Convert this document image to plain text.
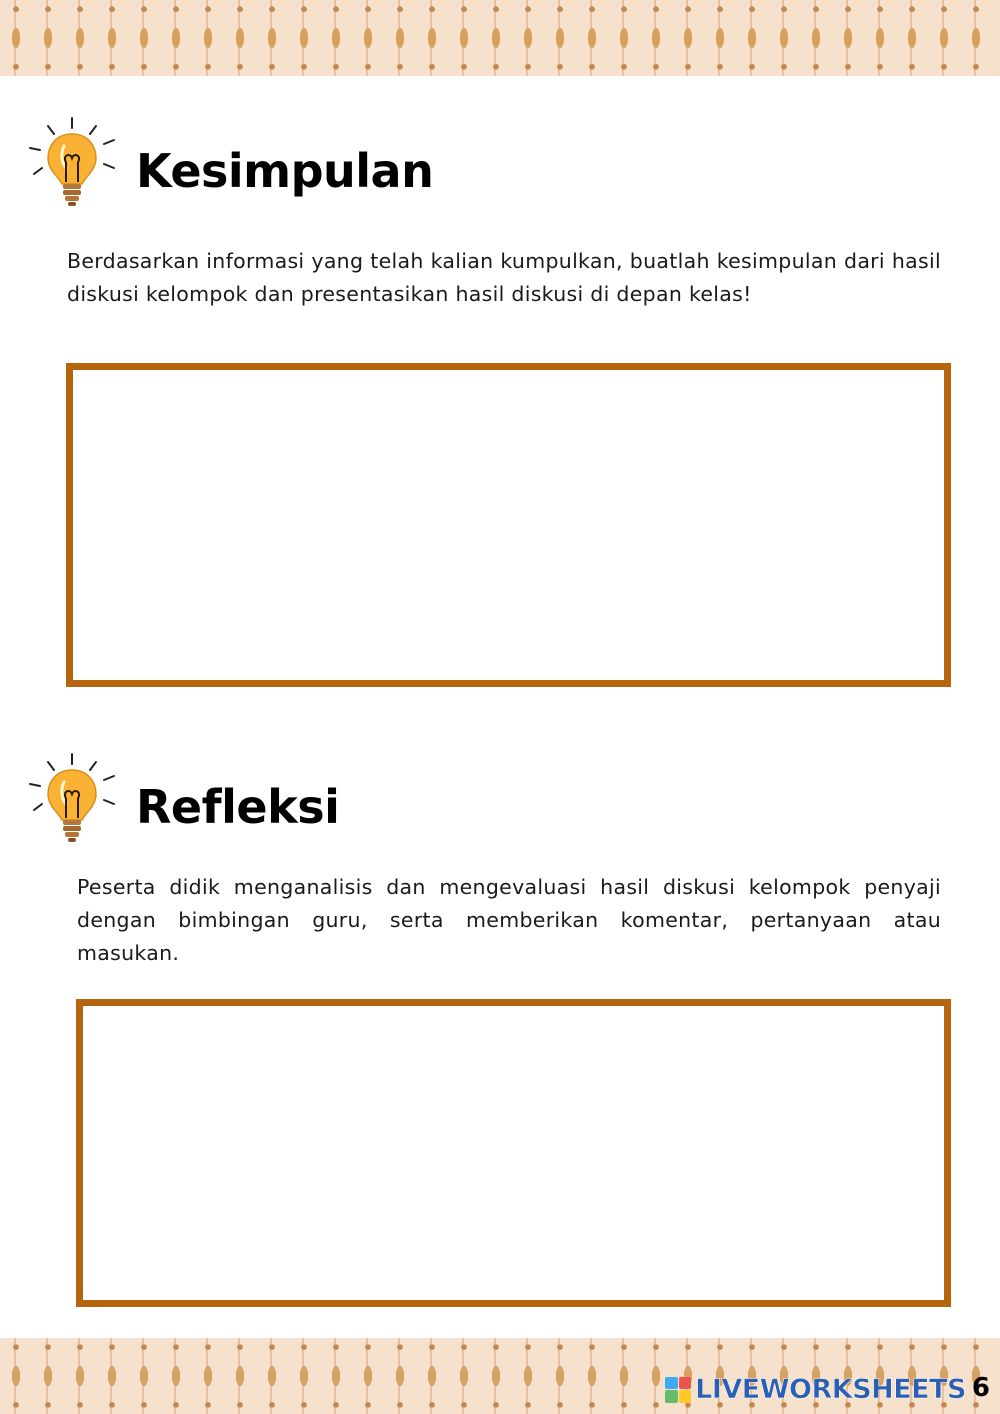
Kesimpulan

Berdasarkan informasi yang telah kalian kumpulkan, buatlah kesimpulan dari hasil diskusi kelompok dan presentasikan hasil diskusi di depan kelas!

Refleksi

Peserta didik menganalisis dan mengevaluasi hasil diskusi kelompok penyaji dengan bimbingan guru, serta memberikan komentar, pertanyaan atau masukan.

LIVEWORKSHEETS 6
